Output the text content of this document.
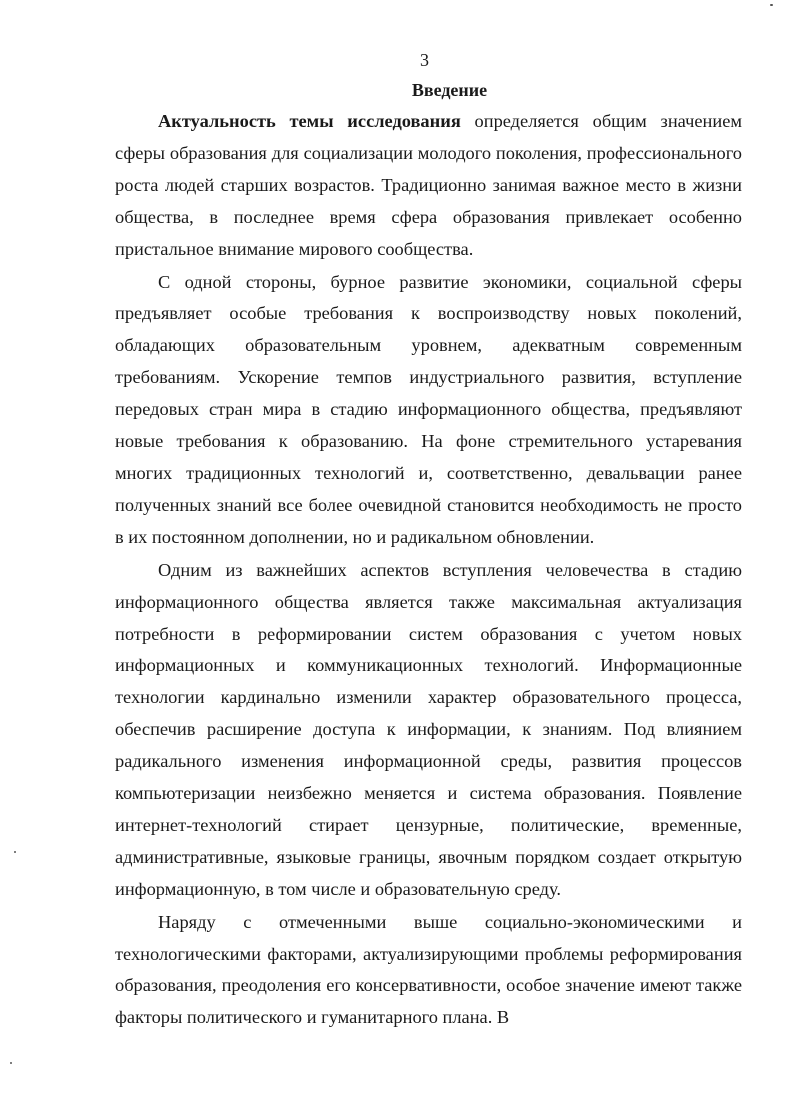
3
Введение

Актуальность темы исследования определяется общим значением сферы образования для социализации молодого поколения, профессионального роста людей старших возрастов. Традиционно занимая важное место в жизни общества, в последнее время сфера образования привлекает особенно пристальное внимание мирового сообщества.

С одной стороны, бурное развитие экономики, социальной сферы предъявляет особые требования к воспроизводству новых поколений, обладающих образовательным уровнем, адекватным современным требованиям. Ускорение темпов индустриального развития, вступление передовых стран мира в стадию информационного общества, предъявляют новые требования к образованию. На фоне стремительного устаревания многих традиционных технологий и, соответственно, девальвации ранее полученных знаний все более очевидной становится необходимость не просто в их постоянном дополнении, но и радикальном обновлении.

Одним из важнейших аспектов вступления человечества в стадию информационного общества является также максимальная актуализация потребности в реформировании систем образования с учетом новых информационных и коммуникационных технологий. Информационные технологии кардинально изменили характер образовательного процесса, обеспечив расширение доступа к информации, к знаниям. Под влиянием радикального изменения информационной среды, развития процессов компьютеризации неизбежно меняется и система образования. Появление интернет-технологий стирает цензурные, политические, временные, административные, языковые границы, явочным порядком создает открытую информационную, в том числе и образовательную среду.

Наряду с отмеченными выше социально-экономическими и технологическими факторами, актуализирующими проблемы реформирования образования, преодоления его консервативности, особое значение имеют также факторы политического и гуманитарного плана. В
